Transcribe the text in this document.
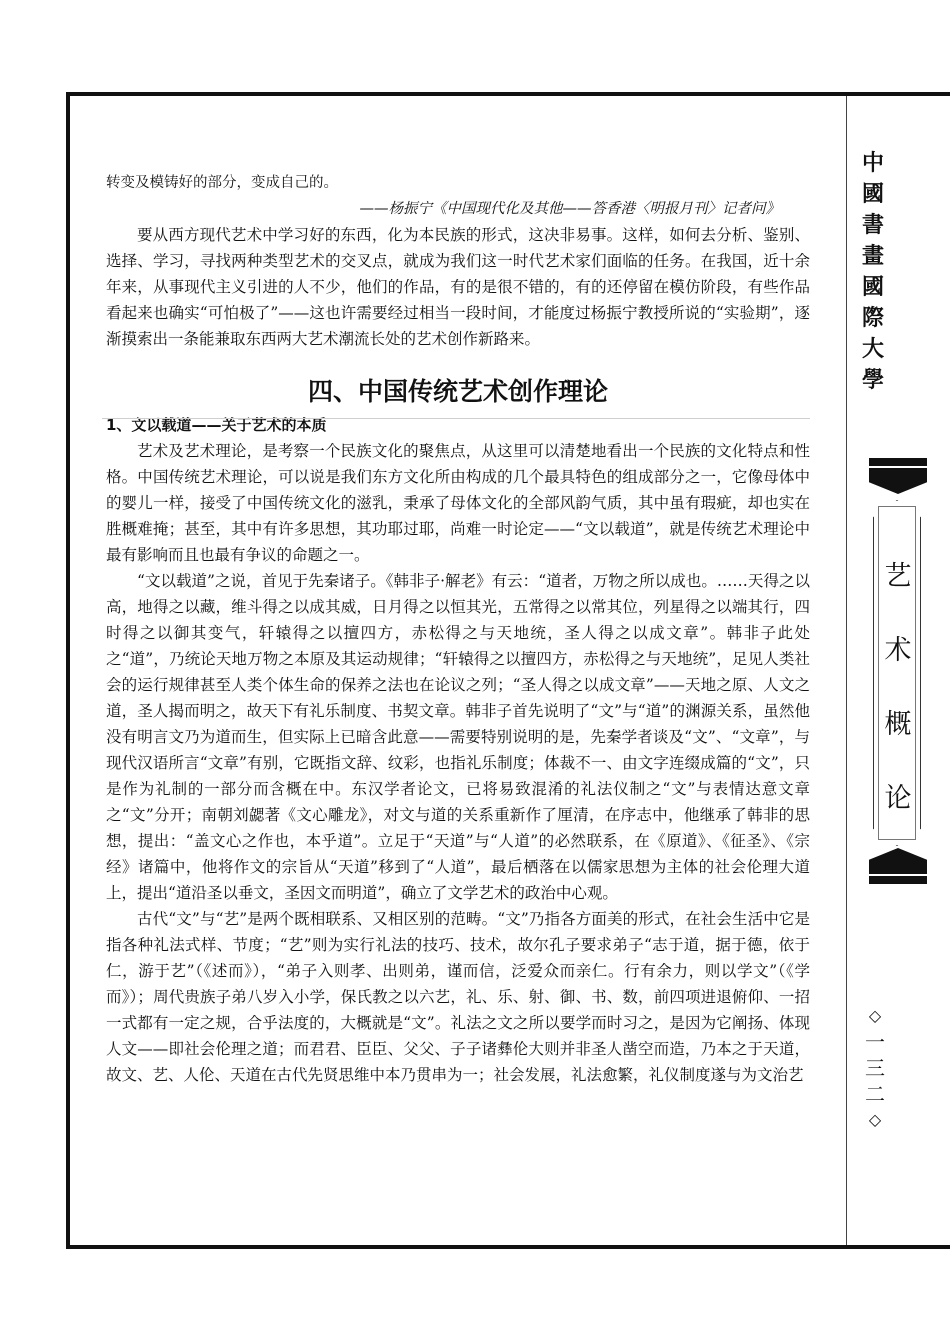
转变及模铸好的部分，变成自己的。

——杨振宁《中国现代化及其他——答香港〈明报月刊〉记者问》

要从西方现代艺术中学习好的东西，化为本民族的形式，这决非易事。这样，如何去分析、鉴别、选择、学习，寻找两种类型艺术的交叉点，就成为我们这一时代艺术家们面临的任务。在我国，近十余年来，从事现代主义引进的人不少，他们的作品，有的是很不错的，有的还停留在模仿阶段，有些作品看起来也确实“可怕极了”——这也许需要经过相当一段时间，才能度过杨振宁教授所说的“实验期”，逐渐摸索出一条能兼取东西两大艺术潮流长处的艺术创作新路来。

四、中国传统艺术创作理论

1、文以载道——关于艺术的本质

艺术及艺术理论，是考察一个民族文化的聚焦点，从这里可以清楚地看出一个民族的文化特点和性格。中国传统艺术理论，可以说是我们东方文化所由构成的几个最具特色的组成部分之一，它像母体中的婴儿一样，接受了中国传统文化的滋乳，秉承了母体文化的全部风韵气质，其中虽有瑕疵，却也实在胜概难掩；甚至，其中有许多思想，其功耶过耶，尚难一时论定——“文以载道”，就是传统艺术理论中最有影响而且也最有争议的命题之一。

“文以载道”之说，首见于先秦诸子。《韩非子·解老》有云：“道者，万物之所以成也。……天得之以高，地得之以藏，维斗得之以成其威，日月得之以恒其光，五常得之以常其位，列星得之以端其行，四时得之以御其变气，轩辕得之以擅四方，赤松得之与天地统，圣人得之以成文章”。韩非子此处之“道”，乃统论天地万物之本原及其运动规律；“轩辕得之以擅四方，赤松得之与天地统”，足见人类社会的运行规律甚至人类个体生命的保养之法也在论议之列；“圣人得之以成文章”——天地之原、人文之道，圣人揭而明之，故天下有礼乐制度、书契文章。韩非子首先说明了“文”与“道”的渊源关系，虽然他没有明言文乃为道而生，但实际上已暗含此意——需要特别说明的是，先秦学者谈及“文”、“文章”，与现代汉语所言“文章”有别，它既指文辞、纹彩，也指礼乐制度；体裁不一、由文字连缀成篇的“文”，只是作为礼制的一部分而含概在中。东汉学者论文，已将易致混淆的礼法仪制之“文”与表情达意文章之“文”分开；南朝刘勰著《文心雕龙》，对文与道的关系重新作了厘清，在序志中，他继承了韩非的思想，提出：“盖文心之作也，本乎道”。立足于“天道”与“人道”的必然联系，在《原道》、《征圣》、《宗经》诸篇中，他将作文的宗旨从“天道”移到了“人道”，最后栖落在以儒家思想为主体的社会伦理大道上，提出“道沿圣以垂文，圣因文而明道”，确立了文学艺术的政治中心观。

古代“文”与“艺”是两个既相联系、又相区别的范畴。“文”乃指各方面美的形式，在社会生活中它是指各种礼法式样、节度；“艺”则为实行礼法的技巧、技术，故尔孔子要求弟子“志于道，据于德，依于仁，游于艺”（《述而》），“弟子入则孝、出则弟，谨而信，泛爱众而亲仁。行有余力，则以学文”（《学而》）；周代贵族子弟八岁入小学，保氏教之以六艺，礼、乐、射、御、书、数，前四项进退俯仰、一招一式都有一定之规，合乎法度的，大概就是“文”。礼法之文之所以要学而时习之，是因为它阐扬、体现人文——即社会伦理之道；而君君、臣臣、父父、子子诸彝伦大则并非圣人凿空而造，乃本之于天道，故文、艺、人伦、天道在古代先贤思维中本乃贯串为一；社会发展，礼法愈繁，礼仪制度遂与为文治艺

中
國
書
畫
國
際
大
學
艺
术
概
论
◇
一
三
二
◇
